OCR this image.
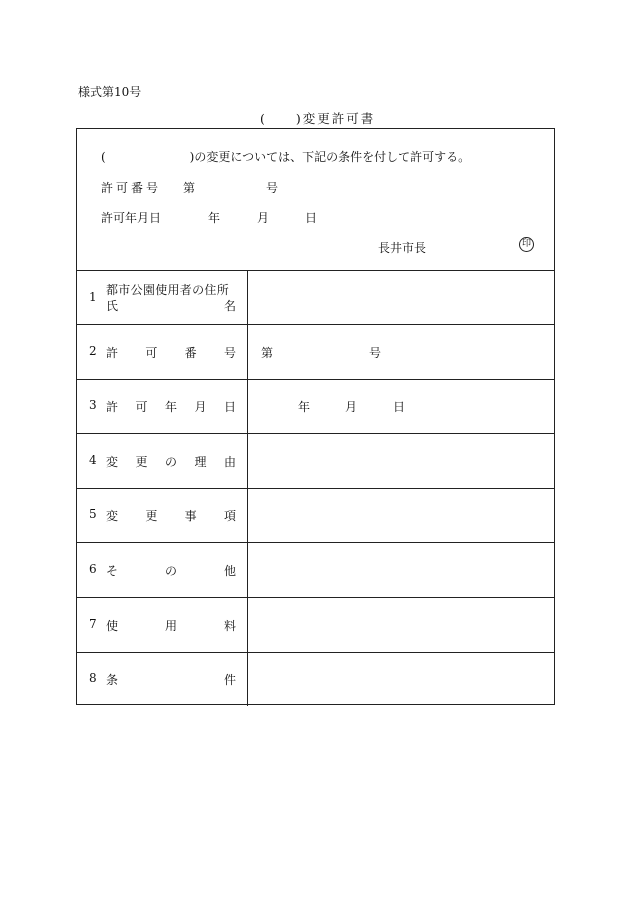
様式第10号
(　　)変更許可書
(　　　　　　　)の変更については、下記の条件を付して許可する。
許可番号 第	号
許可年月日	年	月	日
長井市長	印
1 都市公園使用者の住所
氏	名
2 許 可 番 号 第	号
3 許 可 年 月 日	年	月	日
4 変 更 の 理 由
5 変 更 事 項
6 そ	の	他
7 使	用	料
8 条	件
